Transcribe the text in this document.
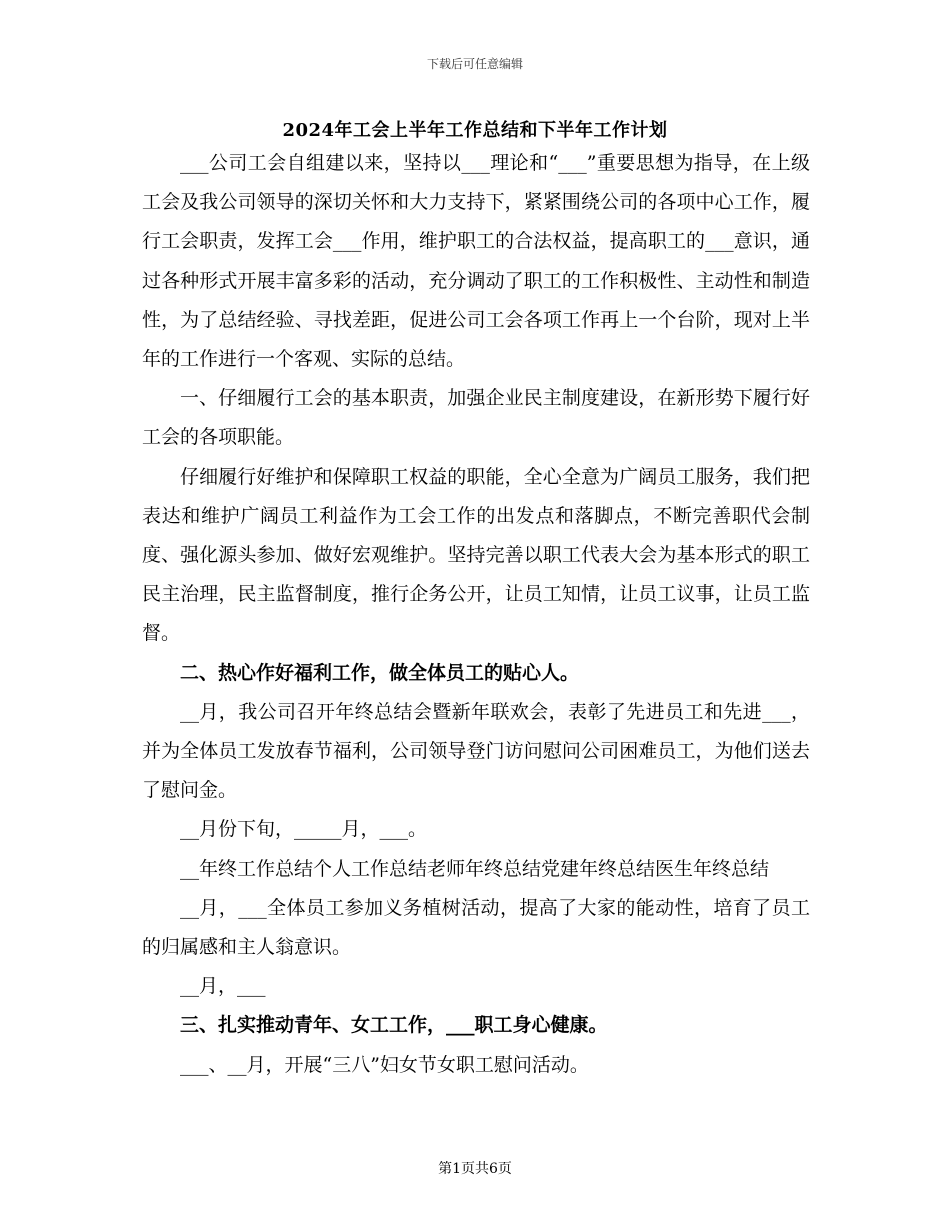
下载后可任意编辑
2024年工会上半年工作总结和下半年工作计划

___公司工会自组建以来，坚持以___理论和“___”重要思想为指导，在上级工会及我公司领导的深切关怀和大力支持下，紧紧围绕公司的各项中心工作，履行工会职责，发挥工会___作用，维护职工的合法权益，提高职工的___意识，通过各种形式开展丰富多彩的活动，充分调动了职工的工作积极性、主动性和制造性，为了总结经验、寻找差距，促进公司工会各项工作再上一个台阶，现对上半年的工作进行一个客观、实际的总结。

一、仔细履行工会的基本职责，加强企业民主制度建设，在新形势下履行好工会的各项职能。

仔细履行好维护和保障职工权益的职能，全心全意为广阔员工服务，我们把表达和维护广阔员工利益作为工会工作的出发点和落脚点，不断完善职代会制度、强化源头参加、做好宏观维护。坚持完善以职工代表大会为基本形式的职工民主治理，民主监督制度，推行企务公开，让员工知情，让员工议事，让员工监督。

二、热心作好福利工作，做全体员工的贴心人。

__月，我公司召开年终总结会暨新年联欢会，表彰了先进员工和先进___，并为全体员工发放春节福利，公司领导登门访问慰问公司困难员工，为他们送去了慰问金。

__月份下旬，_____月，___。

__年终工作总结个人工作总结老师年终总结党建年终总结医生年终总结

__月，___全体员工参加义务植树活动，提高了大家的能动性，培育了员工的归属感和主人翁意识。

__月，___

三、扎实推动青年、女工工作，___职工身心健康。

___、__月，开展“三八”妇女节女职工慰问活动。

第1页共6页
